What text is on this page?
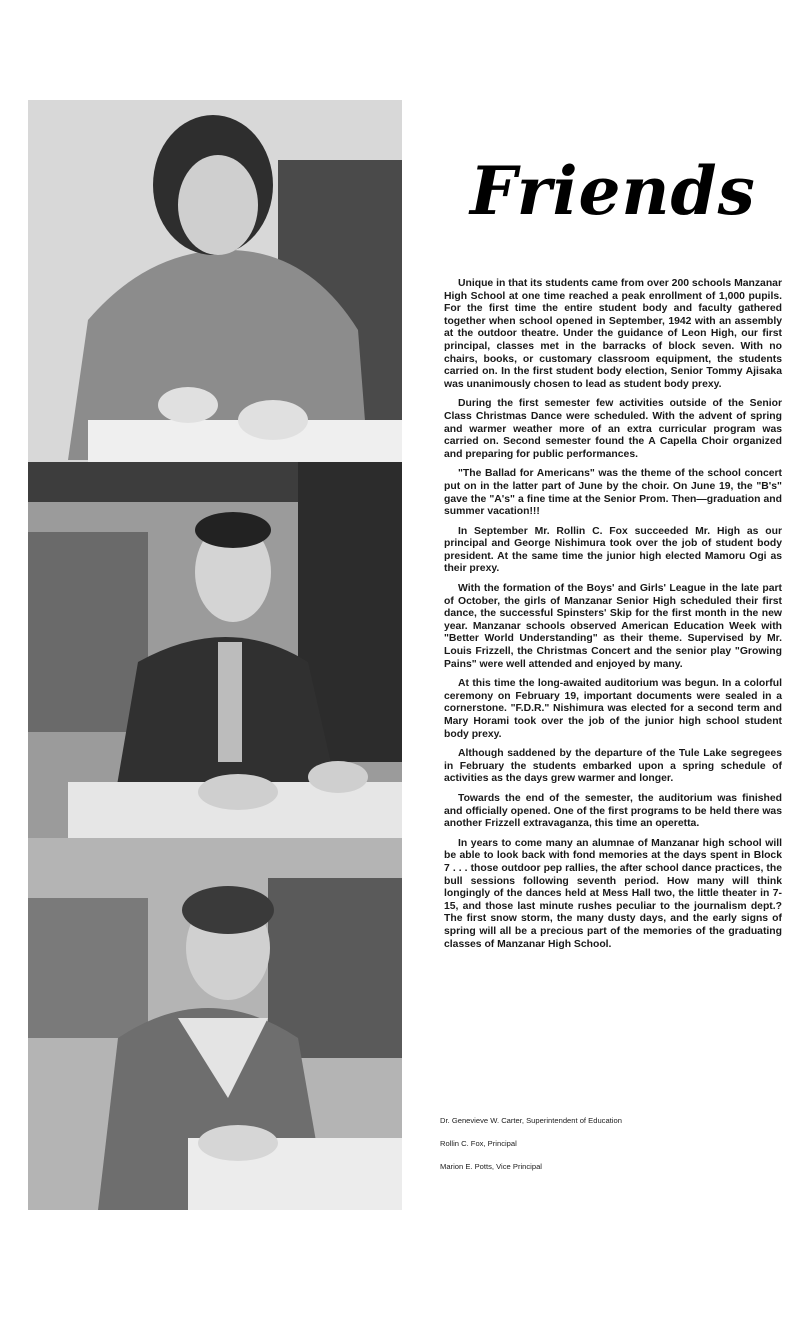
Friends

Unique in that its students came from over 200 schools Manzanar High School at one time reached a peak enrollment of 1,000 pupils. For the first time the entire student body and faculty gathered together when school opened in September, 1942 with an assembly at the outdoor theatre. Under the guidance of Leon High, our first principal, classes met in the barracks of block seven. With no chairs, books, or customary classroom equipment, the students carried on. In the first student body election, Senior Tommy Ajisaka was unanimously chosen to lead as student body prexy.

During the first semester few activities outside of the Senior Class Christmas Dance were scheduled. With the advent of spring and warmer weather more of an extra curricular program was carried on. Second semester found the A Capella Choir organized and preparing for public performances.

"The Ballad for Americans" was the theme of the school concert put on in the latter part of June by the choir. On June 19, the "B's" gave the "A's" a fine time at the Senior Prom. Then—graduation and summer vacation!!!

In September Mr. Rollin C. Fox succeeded Mr. High as our principal and George Nishimura took over the job of student body president. At the same time the junior high elected Mamoru Ogi as their prexy.

With the formation of the Boys' and Girls' League in the late part of October, the girls of Manzanar Senior High scheduled their first dance, the successful Spinsters' Skip for the first month in the new year. Manzanar schools observed American Education Week with "Better World Understanding" as their theme. Supervised by Mr. Louis Frizzell, the Christmas Concert and the senior play "Growing Pains" were well attended and enjoyed by many.

At this time the long-awaited auditorium was begun. In a colorful ceremony on February 19, important documents were sealed in a cornerstone. "F.D.R." Nishimura was elected for a second term and Mary Horami took over the job of the junior high school student body prexy.

Although saddened by the departure of the Tule Lake segregees in February the students embarked upon a spring schedule of activities as the days grew warmer and longer.

Towards the end of the semester, the auditorium was finished and officially opened. One of the first programs to be held there was another Frizzell extravaganza, this time an operetta.

In years to come many an alumnae of Manzanar high school will be able to look back with fond memories at the days spent in Block 7 . . . those outdoor pep rallies, the after school dance practices, the bull sessions following seventh period. How many will think longingly of the dances held at Mess Hall two, the little theater in 7-15, and those last minute rushes peculiar to the journalism dept.? The first snow storm, the many dusty days, and the early signs of spring will all be a precious part of the memories of the graduating classes of Manzanar High School.

Dr. Genevieve W. Carter, Superintendent of Education
Rollin C. Fox, Principal
Marion E. Potts, Vice Principal
